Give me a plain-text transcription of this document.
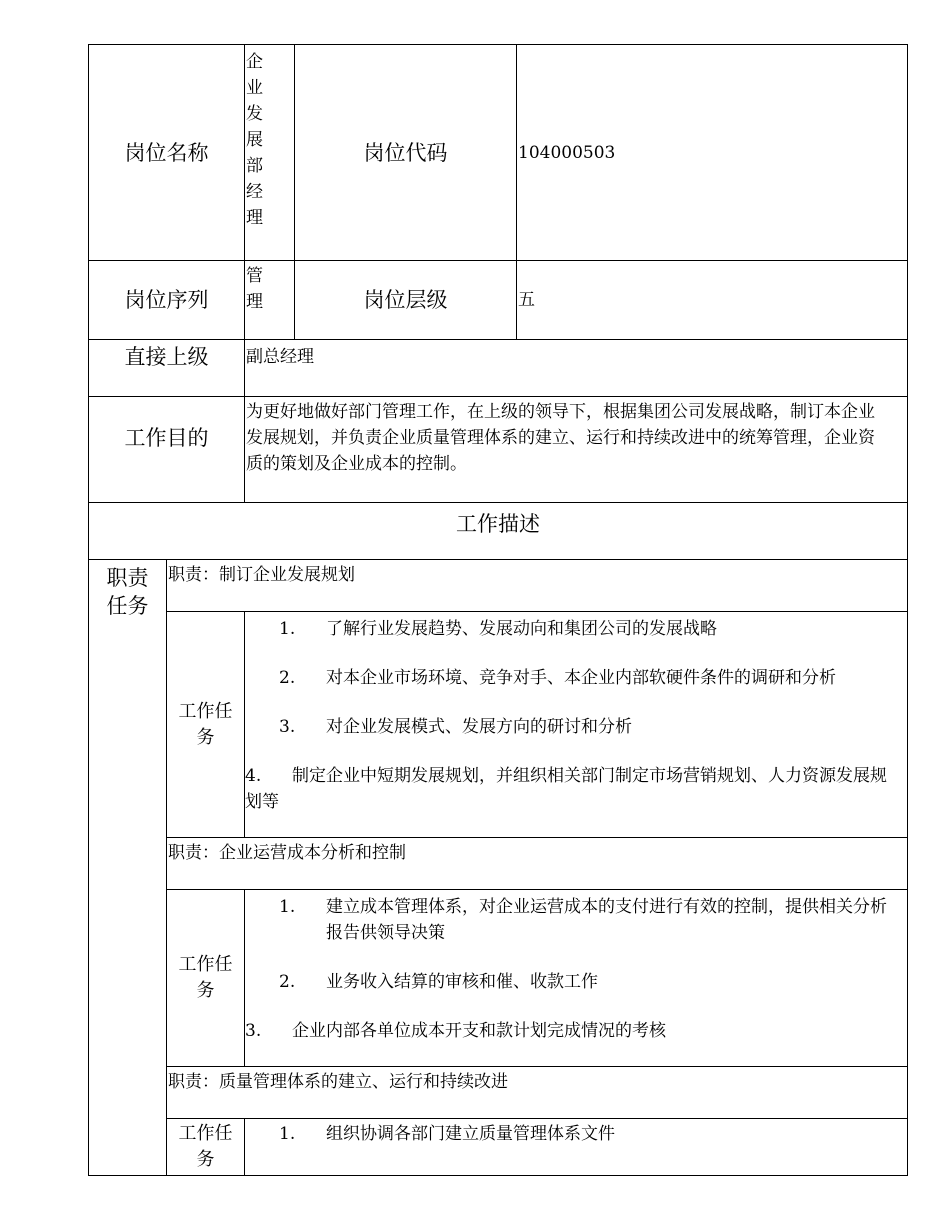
岗位名称		企业发展部经理	岗位代码	104000503
岗位序列		管理	岗位层级	五
直接上级		副总经理		
工作目的		为更好地做好部门管理工作，在上级的领导下，根据集团公司发展战略，制订本企业发展规划，并负责企业质量管理体系的建立、运行和持续改进中的统筹管理，企业资质的策划及企业成本的控制。		
工作描述				

职责任务	职责：制订企业发展规划			

	工作任务	1. 了解行业发展趋势、发展动向和集团公司的发展战略
2. 对本企业市场环境、竞争对手、本企业内部软硬件条件的调研和分析
3. 对企业发展模式、发展方向的研讨和分析
4. 制定企业中短期发展规划，并组织相关部门制定市场营销规划、人力资源发展规划等		

	职责：企业运营成本分析和控制			

	工作任务	1. 建立成本管理体系，对企业运营成本的支付进行有效的控制，提供相关分析报告供领导决策
2. 业务收入结算的审核和催、收款工作
3. 企业内部各单位成本开支和款计划完成情况的考核		

	职责：质量管理体系的建立、运行和持续改进			

	工作任务	1. 组织协调各部门建立质量管理体系文件		
